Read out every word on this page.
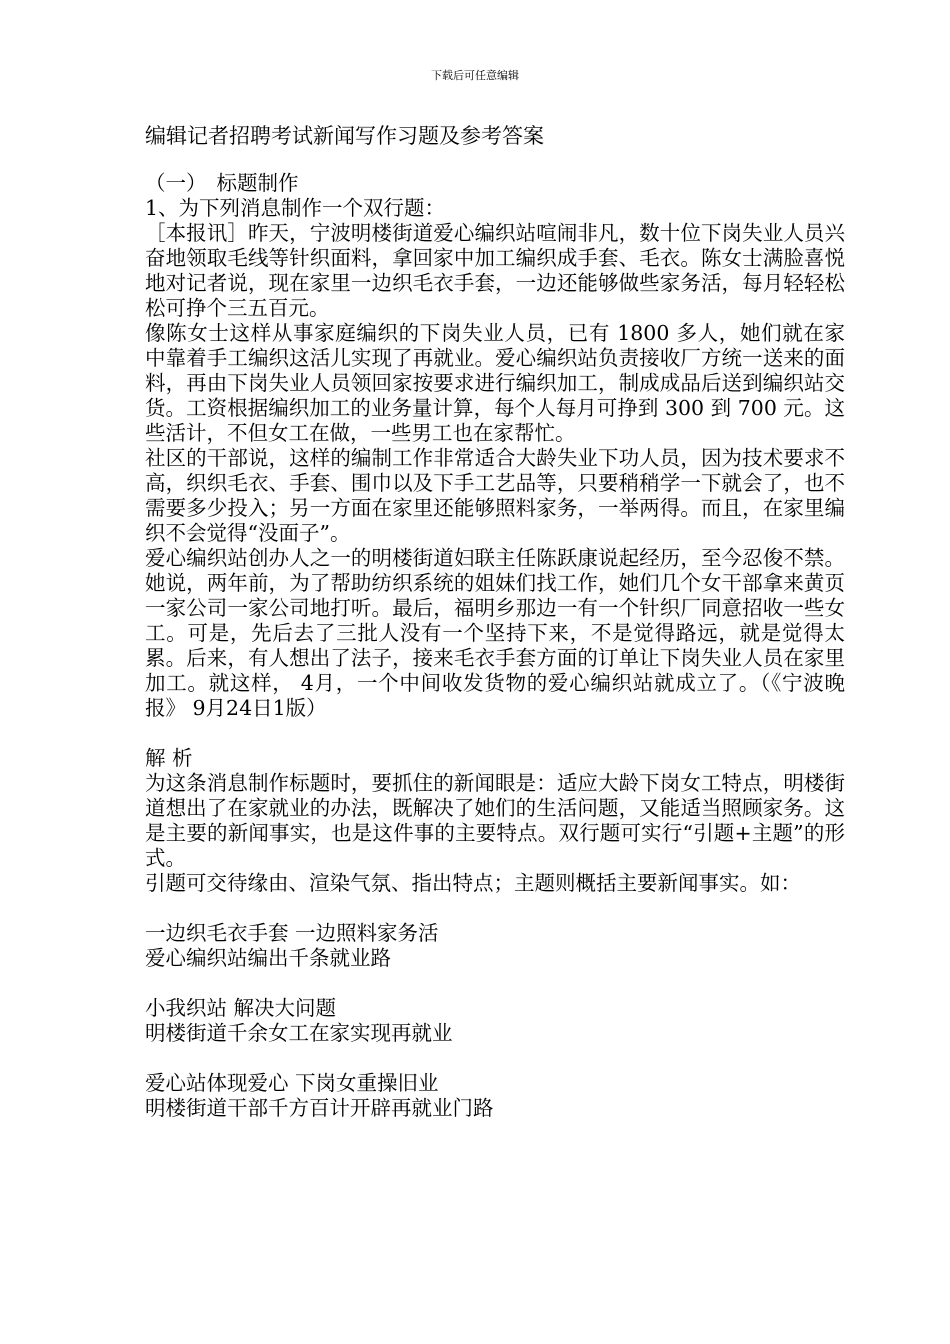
下载后可任意编辑
编辑记者招聘考试新闻写作习题及参考答案
（一） 标题制作

1、为下列消息制作一个双行题：

［本报讯］昨天，宁波明楼街道爱心编织站喧闹非凡，数十位下岗失业人员兴奋地领取毛线等针织面料，拿回家中加工编织成手套、毛衣。陈女士满脸喜悦地对记者说，现在家里一边织毛衣手套，一边还能够做些家务活，每月轻轻松松可挣个三五百元。

像陈女士这样从事家庭编织的下岗失业人员，已有 1800 多人，她们就在家中靠着手工编织这活儿实现了再就业。爱心编织站负责接收厂方统一送来的面料，再由下岗失业人员领回家按要求进行编织加工，制成成品后送到编织站交货。工资根据编织加工的业务量计算，每个人每月可挣到 300 到 700 元。这些活计，不但女工在做，一些男工也在家帮忙。

社区的干部说，这样的编制工作非常适合大龄失业下功人员，因为技术要求不高，织织毛衣、手套、围巾以及下手工艺品等，只要稍稍学一下就会了，也不需要多少投入；另一方面在家里还能够照料家务，一举两得。而且，在家里编织不会觉得“没面子”。

爱心编织站创办人之一的明楼街道妇联主任陈跃康说起经历，至今忍俊不禁。她说，两年前，为了帮助纺织系统的姐妹们找工作，她们几个女干部拿来黄页一家公司一家公司地打听。最后，福明乡那边一有一个针织厂同意招收一些女工。可是，先后去了三批人没有一个坚持下来，不是觉得路远，就是觉得太累。后来，有人想出了法子，接来毛衣手套方面的订单让下岗失业人员在家里加工。就这样， 4月，一个中间收发货物的爱心编织站就成立了。（《宁波晚报》 9月24日1版）

解 析

为这条消息制作标题时，要抓住的新闻眼是：适应大龄下岗女工特点，明楼街道想出了在家就业的办法，既解决了她们的生活问题，又能适当照顾家务。这是主要的新闻事实，也是这件事的主要特点。双行题可实行“引题+主题”的形式。

引题可交待缘由、渲染气氛、指出特点；主题则概括主要新闻事实。如：

一边织毛衣手套 一边照料家务活
爱心编织站编出千条就业路
小我织站 解决大问题
明楼街道千余女工在家实现再就业
爱心站体现爱心 下岗女重操旧业
明楼街道干部千方百计开辟再就业门路
